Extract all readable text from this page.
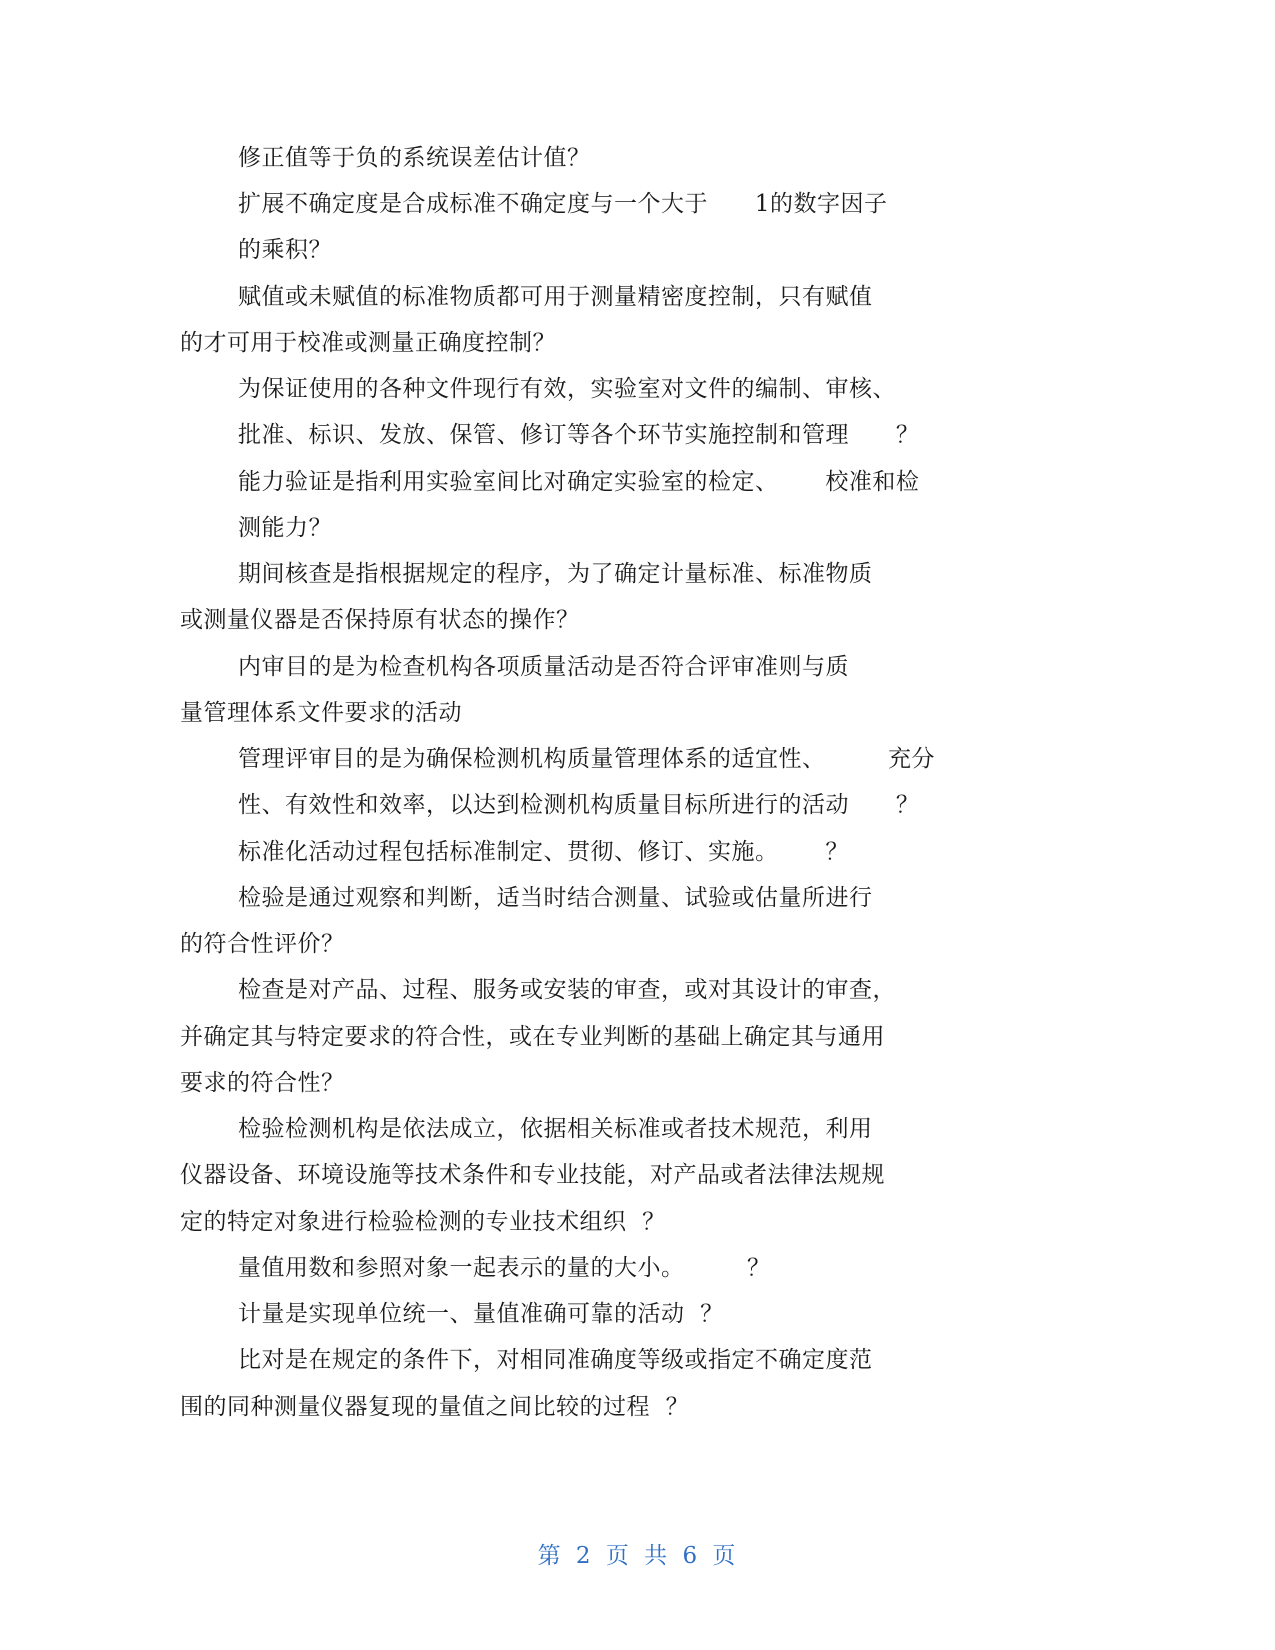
修正值等于负的系统误差估计值？
扩展不确定度是合成标准不确定度与一个大于      1的数字因子
的乘积？
赋值或未赋值的标准物质都可用于测量精密度控制，只有赋值
的才可用于校准或测量正确度控制？
为保证使用的各种文件现行有效，实验室对文件的编制、审核、
批准、标识、发放、保管、修订等各个环节实施控制和管理      ？
能力验证是指利用实验室间比对确定实验室的检定、      校准和检
测能力？
期间核查是指根据规定的程序，为了确定计量标准、标准物质
或测量仪器是否保持原有状态的操作？
内审目的是为检查机构各项质量活动是否符合评审准则与质
量管理体系文件要求的活动
管理评审目的是为确保检测机构质量管理体系的适宜性、        充分
性、有效性和效率，以达到检测机构质量目标所进行的活动      ？
标准化活动过程包括标准制定、贯彻、修订、实施。      ？
检验是通过观察和判断，适当时结合测量、试验或估量所进行
的符合性评价？
检查是对产品、过程、服务或安装的审查，或对其设计的审查，
并确定其与特定要求的符合性，或在专业判断的基础上确定其与通用
要求的符合性？
检验检测机构是依法成立，依据相关标准或者技术规范，利用
仪器设备、环境设施等技术条件和专业技能，对产品或者法律法规规
定的特定对象进行检验检测的专业技术组织  ？
量值用数和参照对象一起表示的量的大小。        ？
计量是实现单位统一、量值准确可靠的活动  ？
比对是在规定的条件下，对相同准确度等级或指定不确定度范
围的同种测量仪器复现的量值之间比较的过程  ？
第 2 页 共 6 页
